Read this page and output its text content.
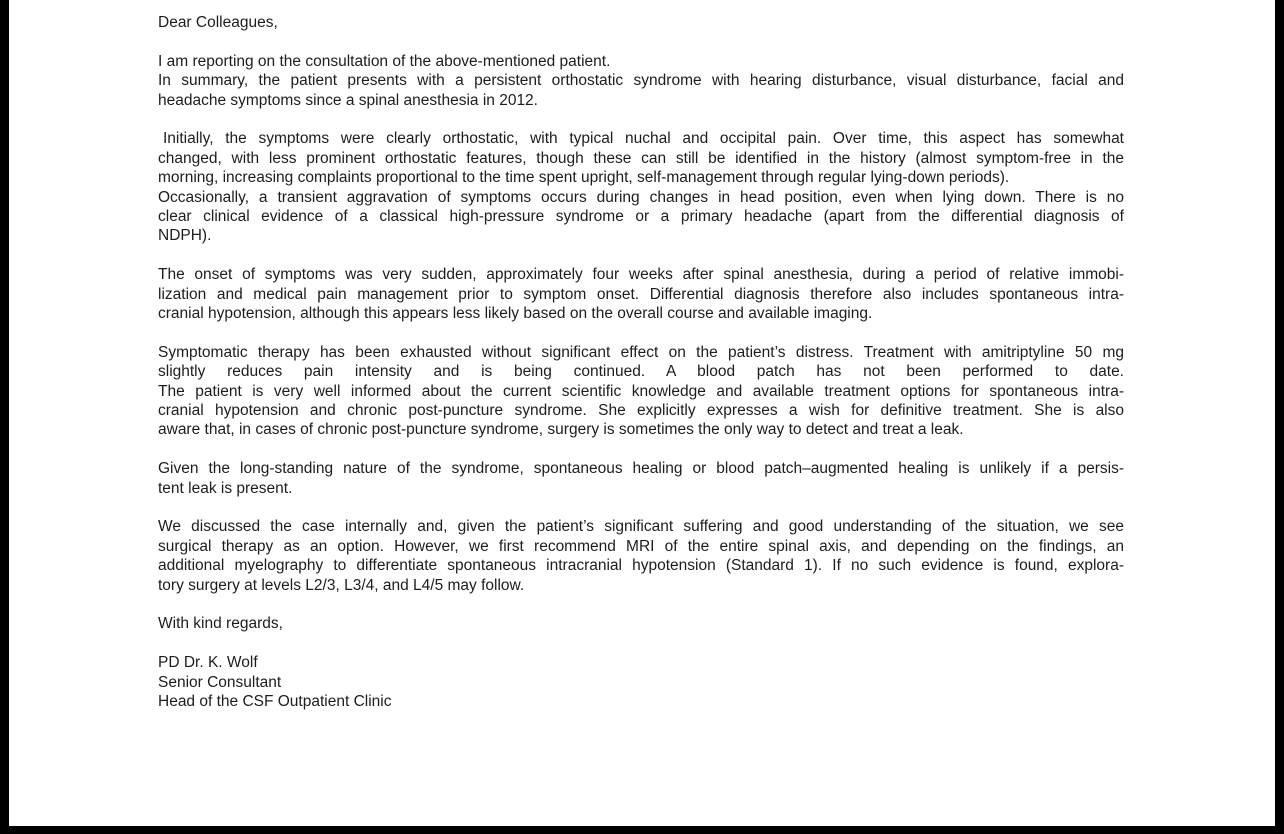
Dear Colleagues,
I am reporting on the consultation of the above-mentioned patient.
In summary, the patient presents with a persistent orthostatic syndrome with hearing disturbance, visual disturbance, facial and
headache symptoms since a spinal anesthesia in 2012.
Initially, the symptoms were clearly orthostatic, with typical nuchal and occipital pain. Over time, this aspect has somewhat
changed, with less prominent orthostatic features, though these can still be identified in the history (almost symptom-free in the
morning, increasing complaints proportional to the time spent upright, self-management through regular lying-down periods).
Occasionally, a transient aggravation of symptoms occurs during changes in head position, even when lying down. There is no
clear clinical evidence of a classical high-pressure syndrome or a primary headache (apart from the differential diagnosis of
NDPH).
The onset of symptoms was very sudden, approximately four weeks after spinal anesthesia, during a period of relative immobi-
lization and medical pain management prior to symptom onset. Differential diagnosis therefore also includes spontaneous intra-
cranial hypotension, although this appears less likely based on the overall course and available imaging.
Symptomatic therapy has been exhausted without significant effect on the patient’s distress. Treatment with amitriptyline 50 mg
slightly reduces pain intensity and is being continued. A blood patch has not been performed to date.
The patient is very well informed about the current scientific knowledge and available treatment options for spontaneous intra-
cranial hypotension and chronic post-puncture syndrome. She explicitly expresses a wish for definitive treatment. She is also
aware that, in cases of chronic post-puncture syndrome, surgery is sometimes the only way to detect and treat a leak.
Given the long-standing nature of the syndrome, spontaneous healing or blood patch–augmented healing is unlikely if a persis-
tent leak is present.
We discussed the case internally and, given the patient’s significant suffering and good understanding of the situation, we see
surgical therapy as an option. However, we first recommend MRI of the entire spinal axis, and depending on the findings, an
additional myelography to differentiate spontaneous intracranial hypotension (Standard 1). If no such evidence is found, explora-
tory surgery at levels L2/3, L3/4, and L4/5 may follow.
With kind regards,
PD Dr. K. Wolf
Senior Consultant
Head of the CSF Outpatient Clinic
